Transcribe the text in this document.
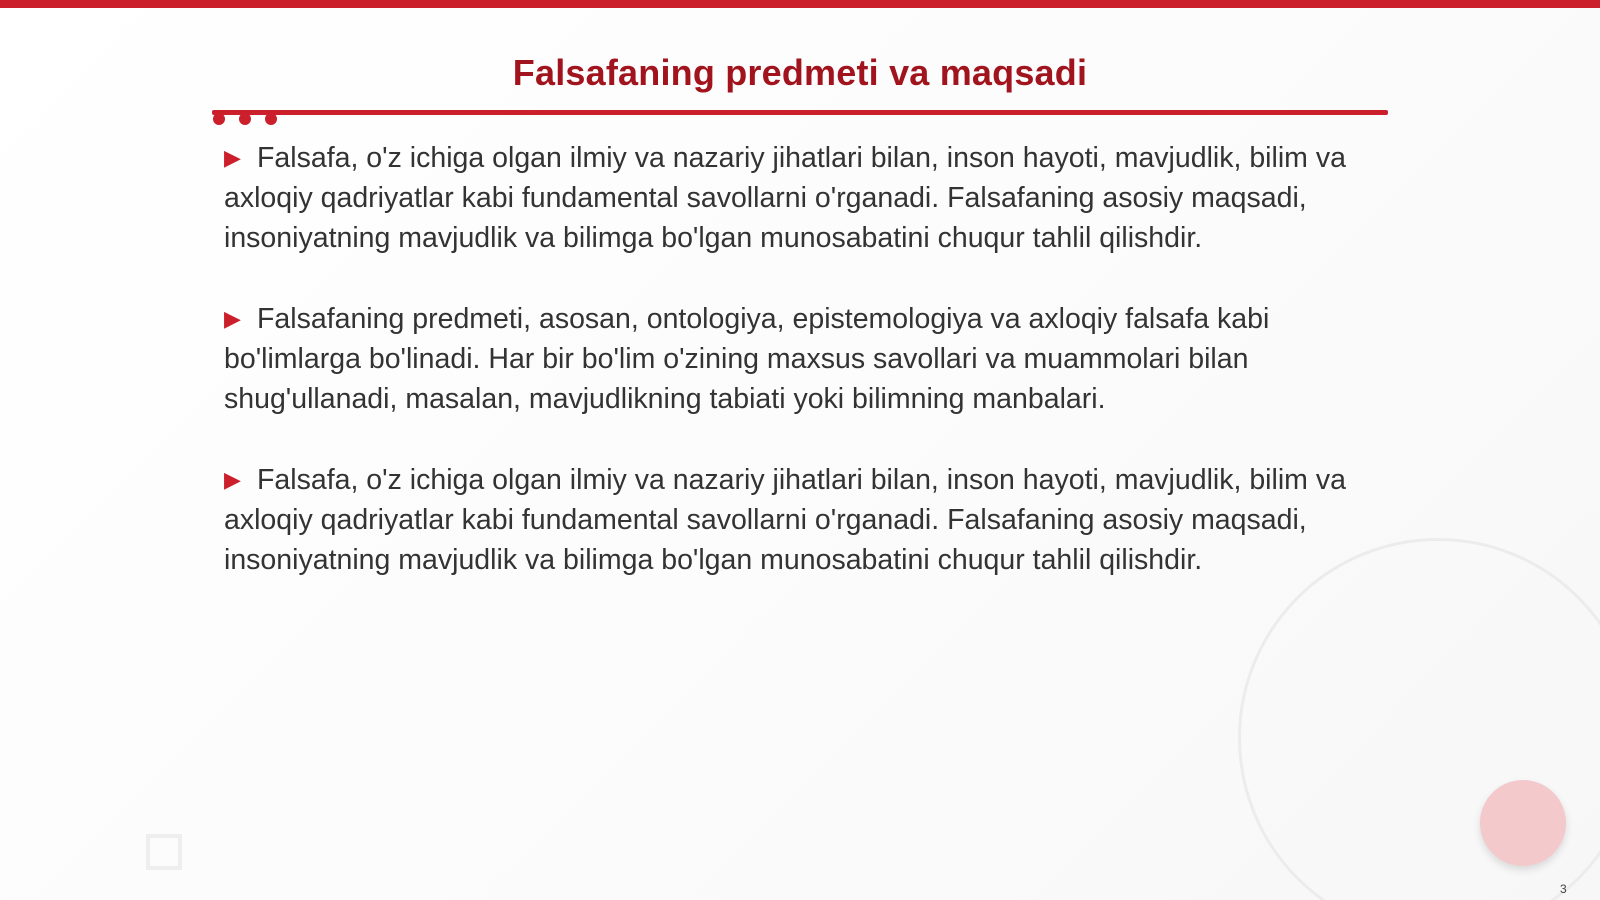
Falsafaning predmeti va maqsadi
▶ Falsafa, o'z ichiga olgan ilmiy va nazariy jihatlari bilan, inson hayoti, mavjudlik, bilim va axloqiy qadriyatlar kabi fundamental savollarni o'rganadi. Falsafaning asosiy maqsadi, insoniyatning mavjudlik va bilimga bo'lgan munosabatini chuqur tahlil qilishdir.
▶ Falsafaning predmeti, asosan, ontologiya, epistemologiya va axloqiy falsafa kabi bo'limlarga bo'linadi. Har bir bo'lim o'zining maxsus savollari va muammolari bilan shug'ullanadi, masalan, mavjudlikning tabiati yoki bilimning manbalari.
▶ Falsafa, o'z ichiga olgan ilmiy va nazariy jihatlari bilan, inson hayoti, mavjudlik, bilim va axloqiy qadriyatlar kabi fundamental savollarni o'rganadi. Falsafaning asosiy maqsadi, insoniyatning mavjudlik va bilimga bo'lgan munosabatini chuqur tahlil qilishdir.
3
